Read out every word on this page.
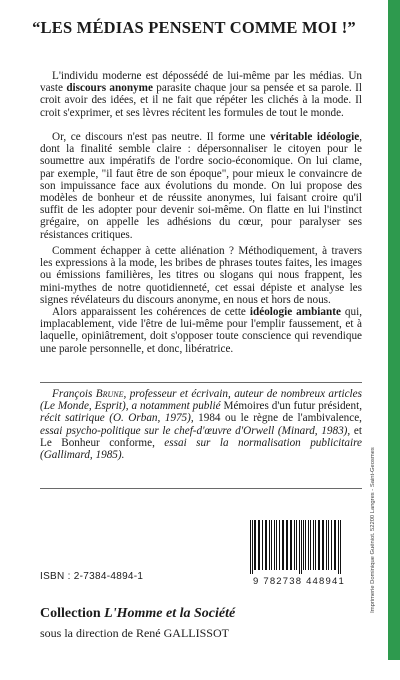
“LES MÉDIAS PENSENT COMME MOI !”

L'individu moderne est dépossédé de lui-même par les médias. Un vaste discours anonyme parasite chaque jour sa pensée et sa parole. Il croit avoir des idées, et il ne fait que répéter les clichés à la mode. Il croit s'exprimer, et ses lèvres récitent les formules de tout le monde.

Or, ce discours n'est pas neutre. Il forme une véritable idéologie, dont la finalité semble claire : dépersonnaliser le citoyen pour le soumettre aux impératifs de l'ordre socio-économique. On lui clame, par exemple, "il faut être de son époque", pour mieux le convaincre de son impuissance face aux évolutions du monde. On lui propose des modèles de bonheur et de réussite anonymes, lui faisant croire qu'il suffit de les adopter pour devenir soi-même. On flatte en lui l'instinct grégaire, on appelle les adhésions du cœur, pour paralyser ses résistances critiques.

Comment échapper à cette aliénation ? Méthodiquement, à travers les expressions à la mode, les bribes de phrases toutes faites, les images ou émissions familières, les titres ou slogans qui nous frappent, les mini-mythes de notre quotidienneté, cet essai dépiste et analyse les signes révélateurs du discours anonyme, en nous et hors de nous.

Alors apparaissent les cohérences de cette idéologie ambiante qui, implacablement, vide l'être de lui-même pour l'emplir faussement, et à laquelle, opiniâtrement, doit s'opposer toute conscience qui revendique une parole personnelle, et donc, libératrice.

François Brune, professeur et écrivain, auteur de nombreux articles (Le Monde, Esprit), a notamment publié Mémoires d'un futur président, récit satirique (O. Orban, 1975), 1984 ou le règne de l'ambivalence, essai psycho-politique sur le chef-d'œuvre d'Orwell (Minard, 1983), et Le Bonheur conforme, essai sur la normalisation publicitaire (Gallimard, 1985).

ISBN : 2-7384-4894-1	9 782738 448941
Collection L'Homme et la Société
sous la direction de René GALLISSOT
Imprimerie Dominique Guéniot. 52200 Langres - Saint-Geosmes
